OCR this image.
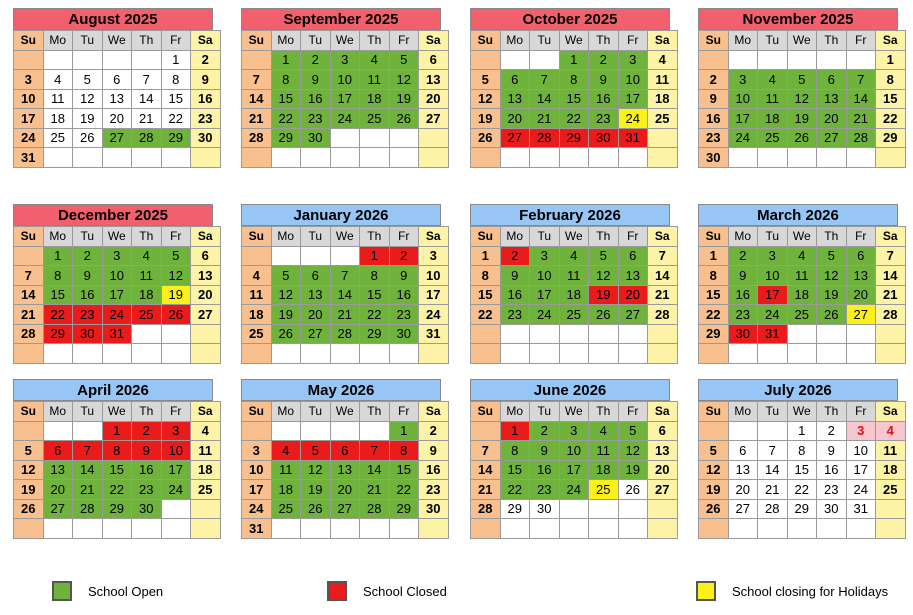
August 2025
Su	Mo	Tu	We	Th	Fr	Sa
					1	2
3	4	5	6	7	8	9
10	11	12	13	14	15	16
17	18	19	20	21	22	23
24	25	26	27	28	29	30
31						
September 2025
Su	Mo	Tu	We	Th	Fr	Sa
	1	2	3	4	5	6
7	8	9	10	11	12	13
14	15	16	17	18	19	20
21	22	23	24	25	26	27
28	29	30				

October 2025
Su	Mo	Tu	We	Th	Fr	Sa
			1	2	3	4
5	6	7	8	9	10	11
12	13	14	15	16	17	18
19	20	21	22	23	24	25
26	27	28	29	30	31	

November 2025
Su	Mo	Tu	We	Th	Fr	Sa
						1
2	3	4	5	6	7	8
9	10	11	12	13	14	15
16	17	18	19	20	21	22
23	24	25	26	27	28	29
30						
December 2025
Su	Mo	Tu	We	Th	Fr	Sa
	1	2	3	4	5	6
7	8	9	10	11	12	13
14	15	16	17	18	19	20
21	22	23	24	25	26	27
28	29	30	31			

January 2026
Su	Mo	Tu	We	Th	Fr	Sa
				1	2	3
4	5	6	7	8	9	10
11	12	13	14	15	16	17
18	19	20	21	22	23	24
25	26	27	28	29	30	31

February 2026
Su	Mo	Tu	We	Th	Fr	Sa
1	2	3	4	5	6	7
8	9	10	11	12	13	14
15	16	17	18	19	20	21
22	23	24	25	26	27	28

March 2026
Su	Mo	Tu	We	Th	Fr	Sa
1	2	3	4	5	6	7
8	9	10	11	12	13	14
15	16	17	18	19	20	21
22	23	24	25	26	27	28
29	30	31				

April 2026
Su	Mo	Tu	We	Th	Fr	Sa
			1	2	3	4
5	6	7	8	9	10	11
12	13	14	15	16	17	18
19	20	21	22	23	24	25
26	27	28	29	30		

May 2026
Su	Mo	Tu	We	Th	Fr	Sa
					1	2
3	4	5	6	7	8	9
10	11	12	13	14	15	16
17	18	19	20	21	22	23
24	25	26	27	28	29	30
31						
June 2026
Su	Mo	Tu	We	Th	Fr	Sa
	1	2	3	4	5	6
7	8	9	10	11	12	13
14	15	16	17	18	19	20
21	22	23	24	25	26	27
28	29	30				

July 2026
Su	Mo	Tu	We	Th	Fr	Sa
			1	2	3	4
5	6	7	8	9	10	11
12	13	14	15	16	17	18
19	20	21	22	23	24	25
26	27	28	29	30	31	

School Open	School Closed	School closing for Holidays
